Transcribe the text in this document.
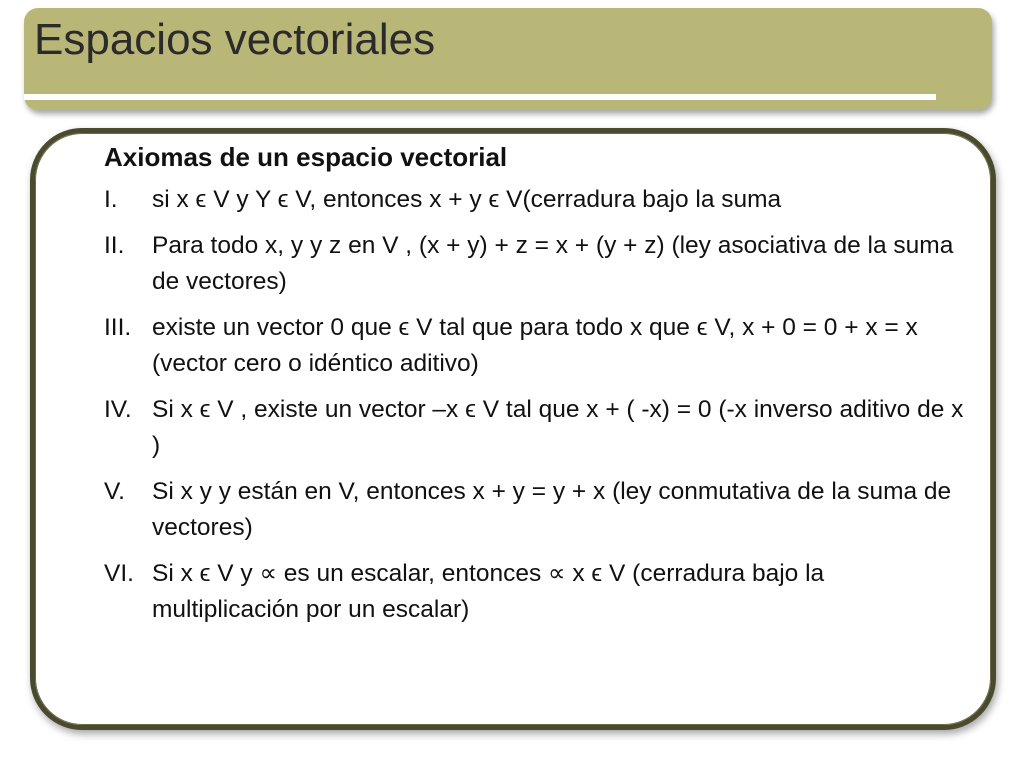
Espacios vectoriales
Axiomas de un espacio vectorial
I.	si x ϵ V y Y ϵ V, entonces x + y ϵ V(cerradura bajo la suma
II.	Para todo x, y y z en V , (x + y) + z = x + (y + z) (ley asociativa de la suma de vectores)
III. existe un vector 0 que ϵ V tal que para todo x que ϵ V, x + 0 = 0 + x = x (vector cero o idéntico aditivo)
IV. Si x ϵ V , existe un vector –x ϵ V tal que x + ( -x) = 0 (-x inverso aditivo de x )
V.	Si x y y están en V, entonces x + y = y + x (ley conmutativa de la suma de vectores)
VI. Si x ϵ V y ∝ es un escalar, entonces ∝ x ϵ V (cerradura bajo la multiplicación por un escalar)
